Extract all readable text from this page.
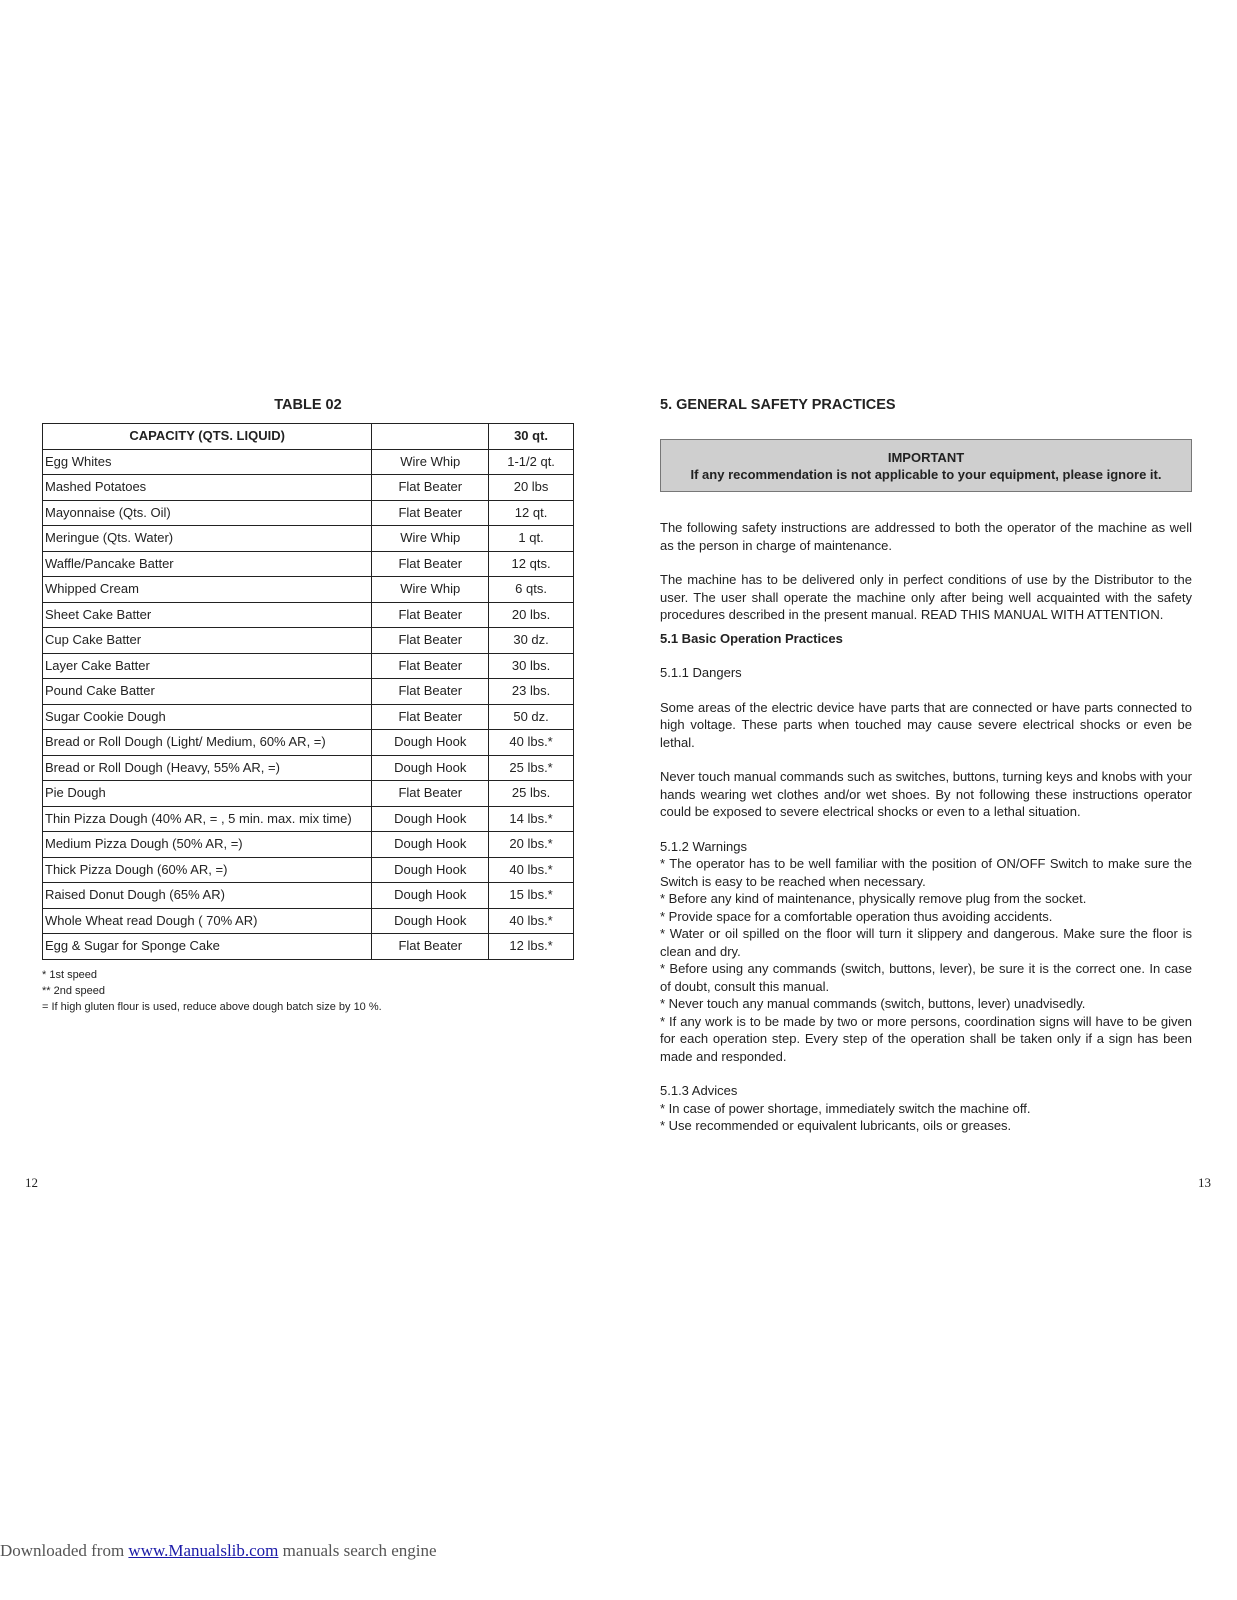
TABLE 02
CAPACITY (QTS. LIQUID)		30 qt.
Egg Whites	Wire Whip	1-1/2 qt.
Mashed Potatoes	Flat Beater	20 lbs
Mayonnaise (Qts. Oil)	Flat Beater	12 qt.
Meringue (Qts. Water)	Wire Whip	1 qt.
Waffle/Pancake Batter	Flat Beater	12 qts.
Whipped Cream	Wire Whip	6 qts.
Sheet Cake Batter	Flat Beater	20 lbs.
Cup Cake Batter	Flat Beater	30 dz.
Layer Cake Batter	Flat Beater	30 lbs.
Pound Cake Batter	Flat Beater	23 lbs.
Sugar Cookie Dough	Flat Beater	50 dz.
Bread or Roll Dough (Light/ Medium, 60% AR, =)	Dough Hook	40 lbs.*
Bread or Roll Dough (Heavy, 55% AR, =)	Dough Hook	25 lbs.*
Pie Dough	Flat Beater	25 lbs.
Thin Pizza Dough (40% AR, = , 5 min. max. mix time)	Dough Hook	14 lbs.*
Medium Pizza Dough (50% AR, =)	Dough Hook	20 lbs.*
Thick Pizza Dough (60% AR, =)	Dough Hook	40 lbs.*
Raised Donut Dough (65% AR)	Dough Hook	15 lbs.*
Whole Wheat read Dough ( 70% AR)	Dough Hook	40 lbs.*
Egg & Sugar for Sponge Cake	Flat Beater	12 lbs.*
* 1st speed
** 2nd speed
= If high gluten flour is used, reduce above dough batch size by 10 %.
5. GENERAL SAFETY PRACTICES
IMPORTANT
If any recommendation is not applicable to your equipment, please ignore it.

The following safety instructions are addressed to both the operator of the machine as well as the person in charge of maintenance.

The machine has to be delivered only in perfect conditions of use by the Distributor to the user. The user shall operate the machine only after being well acquainted with the safety procedures described in the present manual. READ THIS MANUAL WITH ATTENTION.

5.1 Basic Operation Practices

5.1.1 Dangers

Some areas of the electric device have parts that are connected or have parts connected to high voltage. These parts when touched may cause severe electrical shocks or even be lethal.

Never touch manual commands such as switches, buttons, turning keys and knobs with your hands wearing wet clothes and/or wet shoes. By not following these instructions operator could be exposed to severe electrical shocks or even to a lethal situation.

5.1.2 Warnings

* The operator has to be well familiar with the position of ON/OFF Switch to make sure the Switch is easy to be reached when necessary.
* Before any kind of maintenance, physically remove plug from the socket.
* Provide space for a comfortable operation thus avoiding accidents.
* Water or oil spilled on the floor will turn it slippery and dangerous. Make sure the floor is clean and dry.
* Before using any commands (switch, buttons, lever), be sure it is the correct one. In case of doubt, consult this manual.
* Never touch any manual commands (switch, buttons, lever) unadvisedly.
* If any work is to be made by two or more persons, coordination signs will have to be given for each operation step. Every step of the operation shall be taken only if a sign has been made and responded.

5.1.3 Advices

* In case of power shortage, immediately switch the machine off.
* Use recommended or equivalent lubricants, oils or greases.
12	13
Downloaded from www.Manualslib.com manuals search engine
